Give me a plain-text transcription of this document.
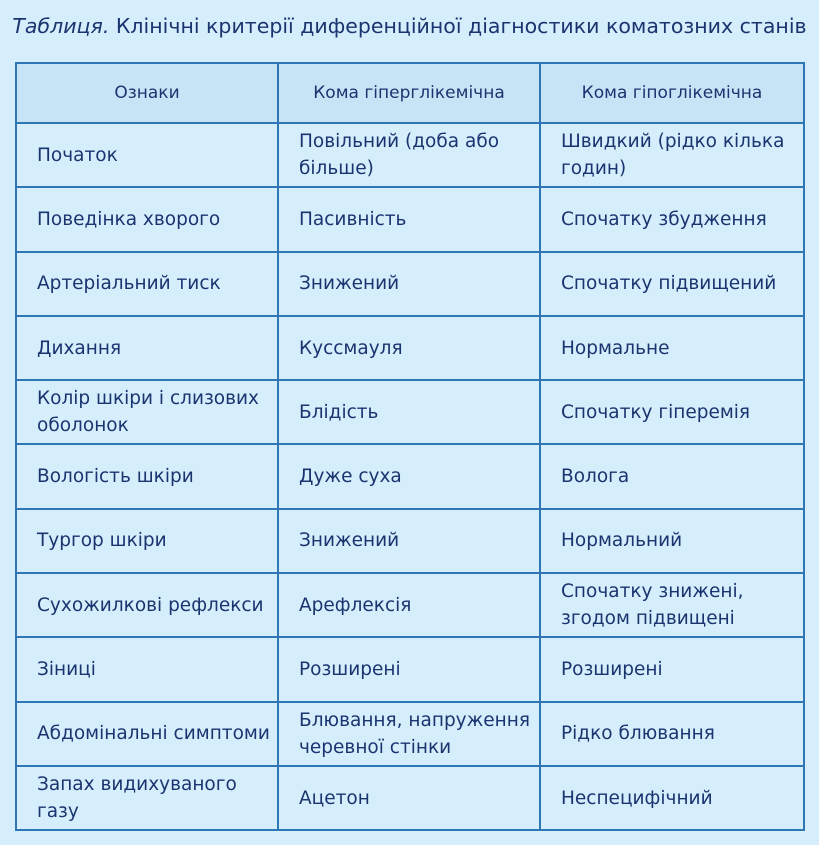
Таблиця. Клінічні критерії диференційної діагностики коматозних станів
Ознаки	Кома гіперглікемічна	Кома гіпоглікемічна
Початок	Повільний (доба або більше)	Швидкий (рідко кілька годин)
Поведінка хворого	Пасивність	Спочатку збудження
Артеріальний тиск	Знижений	Спочатку підвищений
Дихання	Куссмауля	Нормальне
Колір шкіри і слизових оболонок	Блідість	Спочатку гіперемія
Вологість шкіри	Дуже суха	Волога
Тургор шкіри	Знижений	Нормальний
Сухожилкові рефлекси	Арефлексія	Спочатку знижені, згодом підвищені
Зіниці	Розширені	Розширені
Абдомінальні симптоми	Блювання, напруження черевної стінки	Рідко блювання
Запах видихуваного газу	Ацетон	Неспецифічний
